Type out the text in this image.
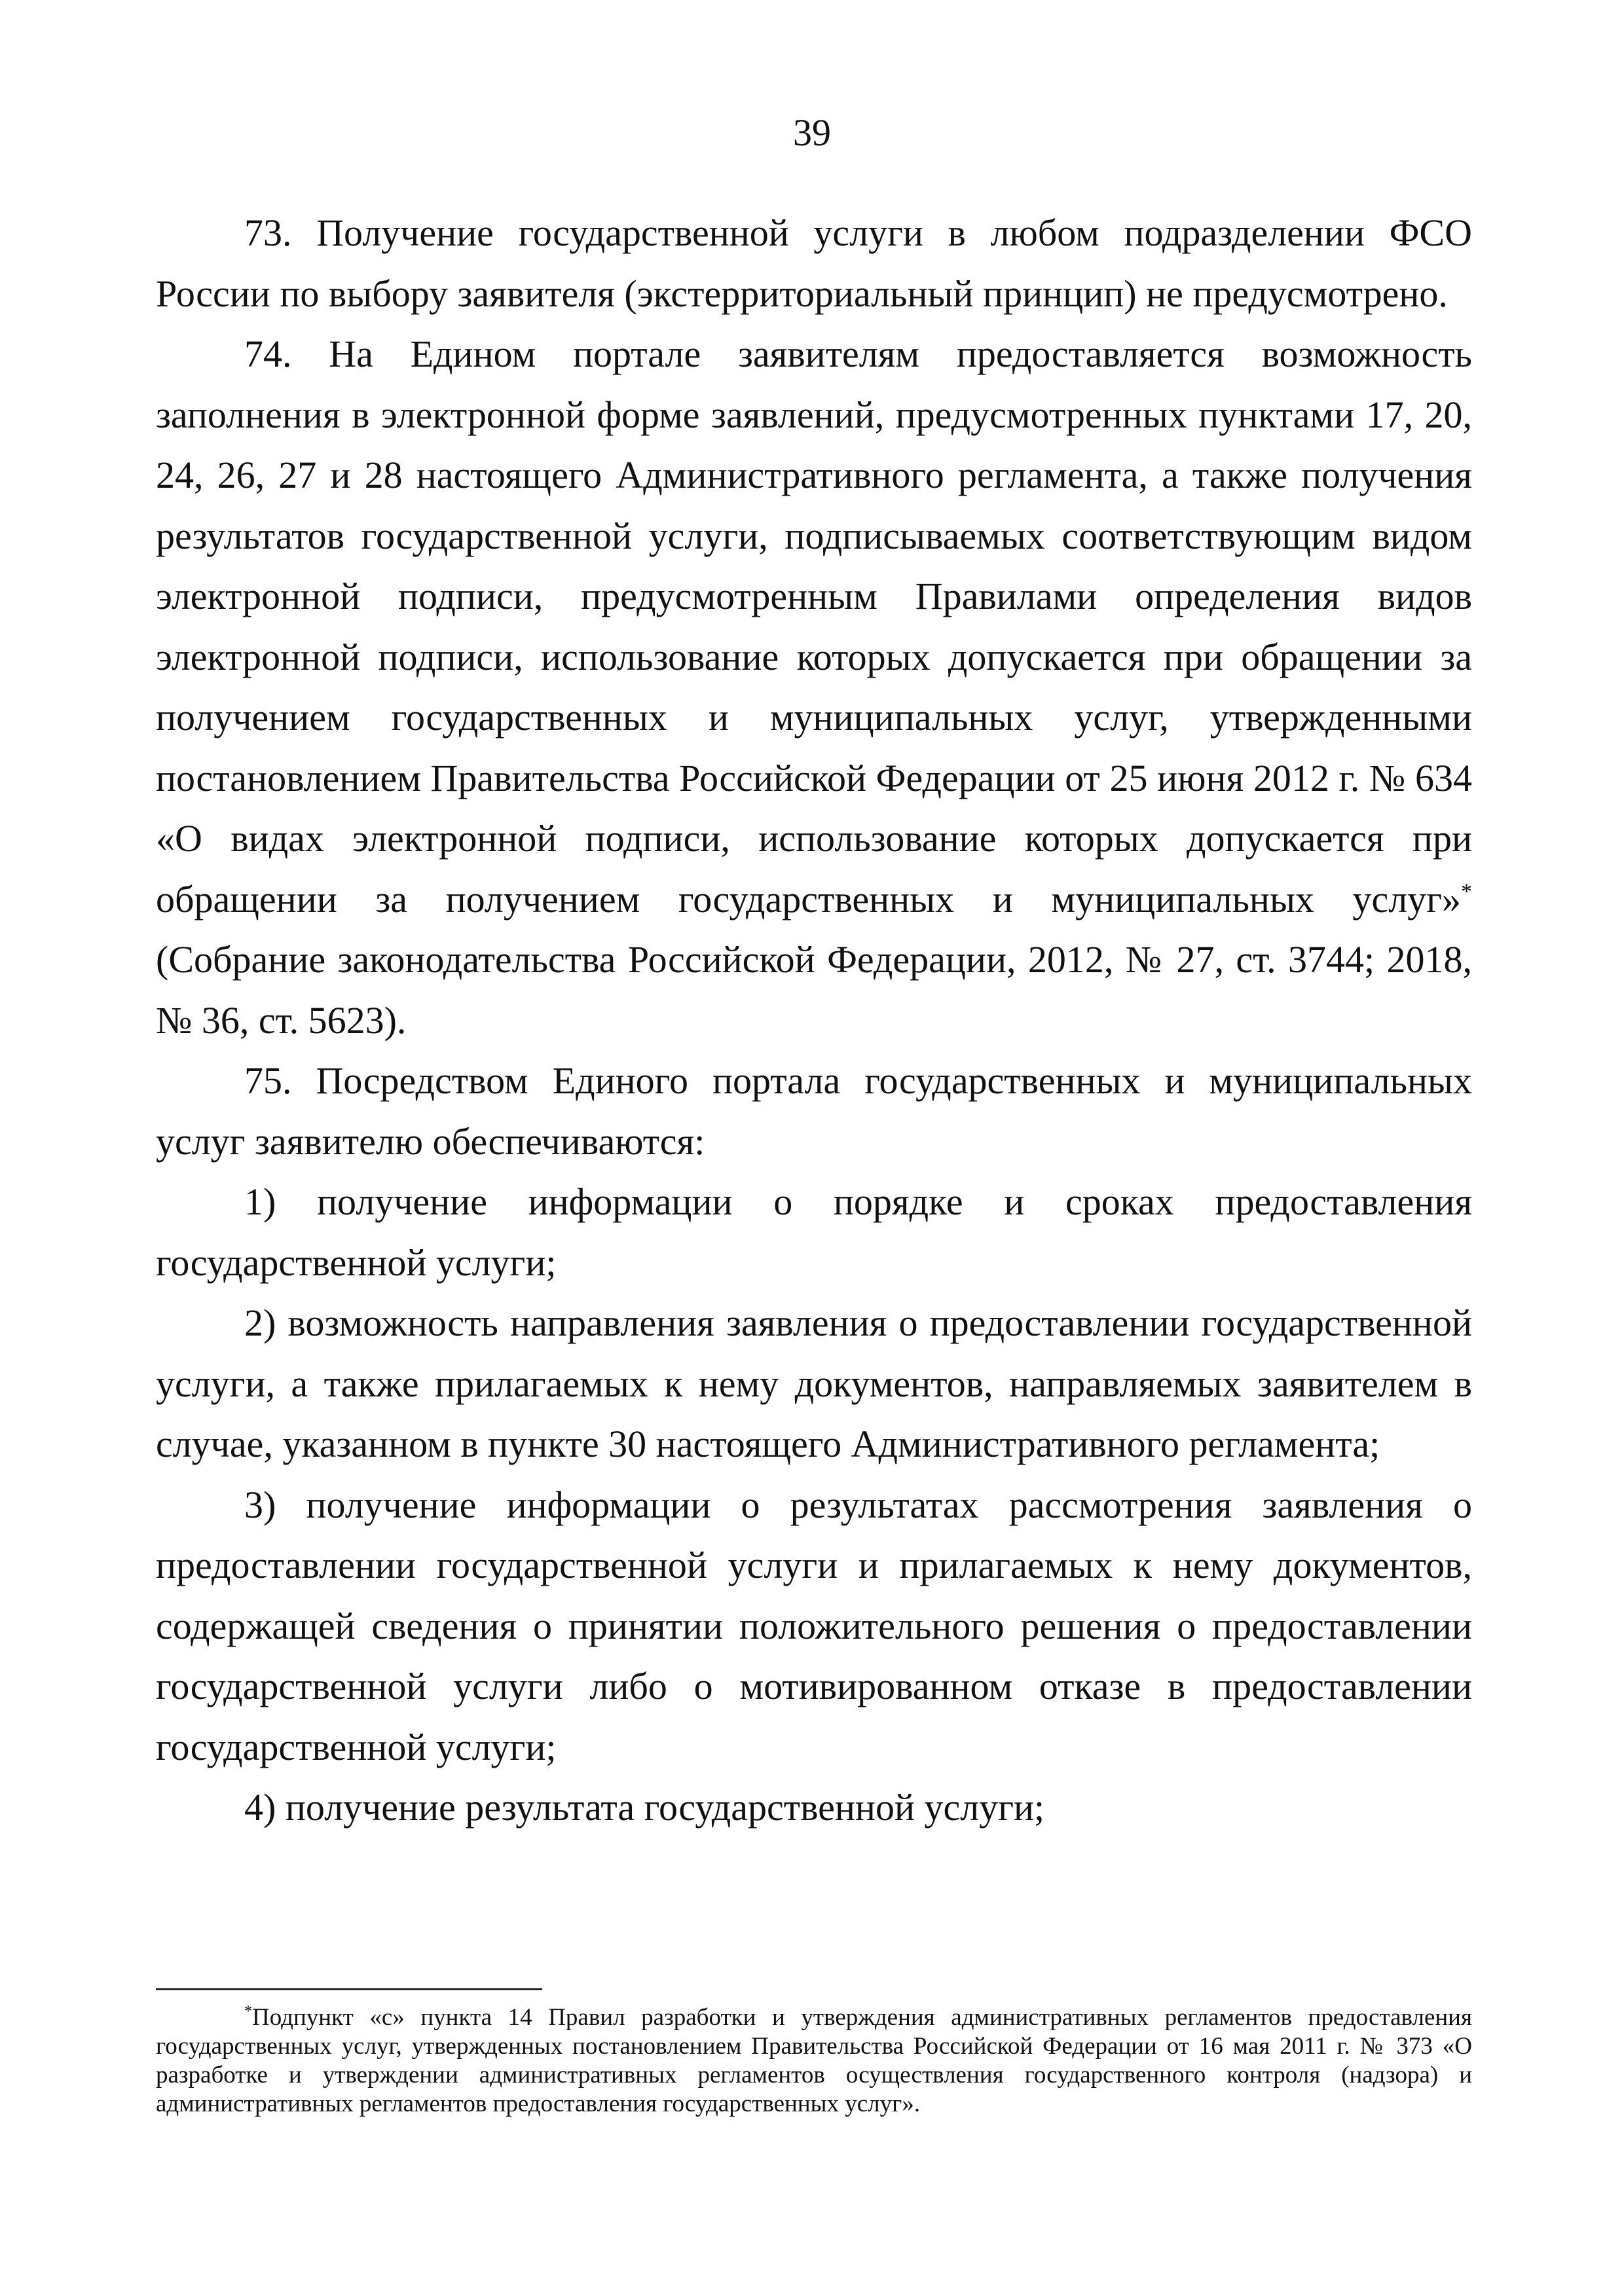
39

73. Получение государственной услуги в любом подразделении ФСО России по выбору заявителя (экстерриториальный принцип) не предусмотрено.

74. На Едином портале заявителям предоставляется возможность заполнения в электронной форме заявлений, предусмотренных пунктами 17, 20, 24, 26, 27 и 28 настоящего Административного регламента, а также получения результатов государственной услуги, подписываемых соответствующим видом электронной подписи, предусмотренным Правилами определения видов электронной подписи, использование которых допускается при обращении за получением государственных и муниципальных услуг, утвержденными постановлением Правительства Российской Федерации от 25 июня 2012 г. № 634 «О видах электронной подписи, использование которых допускается при обращении за получением государственных и муниципальных услуг»* (Собрание законодательства Российской Федерации, 2012, № 27, ст. 3744; 2018, № 36, ст. 5623).

75. Посредством Единого портала государственных и муниципальных услуг заявителю обеспечиваются:

1) получение информации о порядке и сроках предоставления государственной услуги;

2) возможность направления заявления о предоставлении государственной услуги, а также прилагаемых к нему документов, направляемых заявителем в случае, указанном в пункте 30 настоящего Административного регламента;

3) получение информации о результатах рассмотрения заявления о предоставлении государственной услуги и прилагаемых к нему документов, содержащей сведения о принятии положительного решения о предоставлении государственной услуги либо о мотивированном отказе в предоставлении государственной услуги;

4) получение результата государственной услуги;

*Подпункт «с» пункта 14 Правил разработки и утверждения административных регламентов предоставления государственных услуг, утвержденных постановлением Правительства Российской Федерации от 16 мая 2011 г. № 373 «О разработке и утверждении административных регламентов осуществления государственного контроля (надзора) и административных регламентов предоставления государственных услуг».
